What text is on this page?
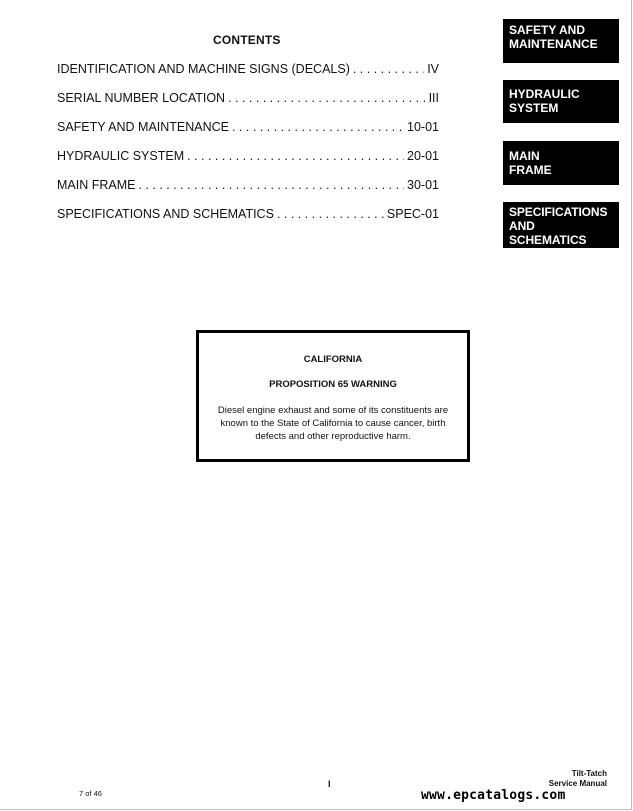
CONTENTS
IDENTIFICATION AND MACHINE SIGNS (DECALS) . . .	IV
SERIAL NUMBER LOCATION . . .	III
SAFETY AND MAINTENANCE . . .	10-01
HYDRAULIC SYSTEM . . .	20-01
MAIN FRAME . . .	30-01
SPECIFICATIONS AND SCHEMATICS . . .	SPEC-01
SAFETY AND
MAINTENANCE
HYDRAULIC
SYSTEM
MAIN
FRAME
SPECIFICATIONS
AND
SCHEMATICS
CALIFORNIA
PROPOSITION 65 WARNING
Diesel engine exhaust and some of its constituents are known to the State of California to cause cancer, birth defects and other reproductive harm.
7 of 46
I
Tilt-Tatch
Service Manual
www.epcatalogs.com
